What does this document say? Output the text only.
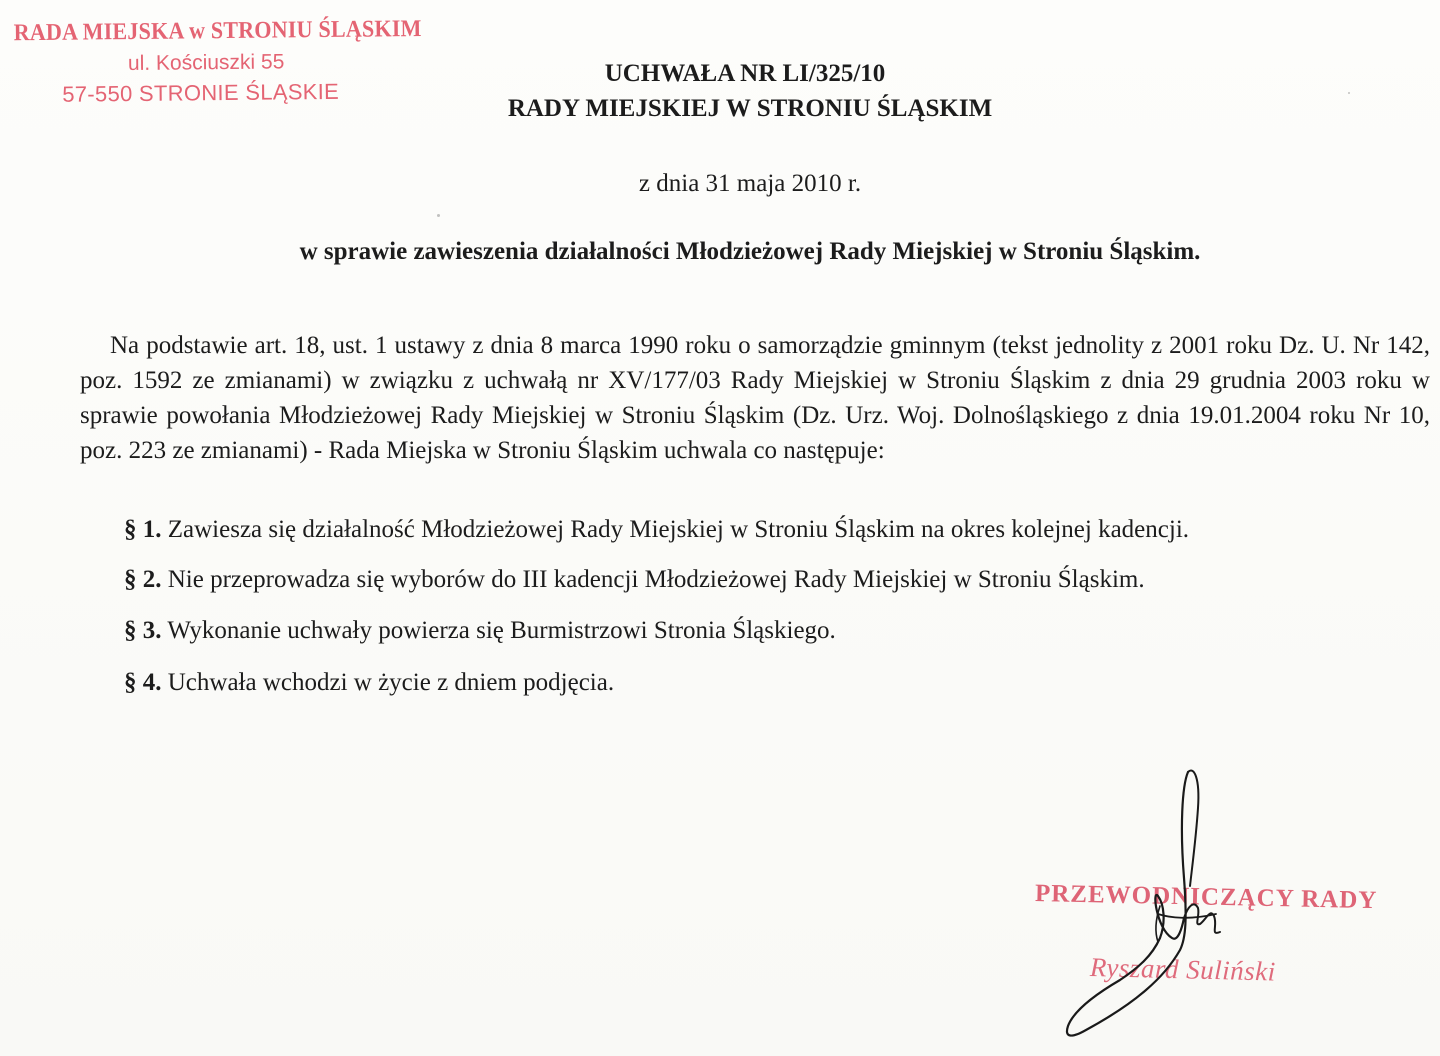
RADA MIEJSKA w STRONIU ŚLĄSKIM
ul. Kościuszki 55
57-550 STRONIE ŚLĄSKIE
UCHWAŁA NR LI/325/10
RADY MIEJSKIEJ W STRONIU ŚLĄSKIM
z dnia 31 maja 2010 r.
w sprawie zawieszenia działalności Młodzieżowej Rady Miejskiej w Stroniu Śląskim.
Na podstawie art. 18, ust. 1 ustawy z dnia 8 marca 1990 roku o samorządzie gminnym (tekst jednolity z 2001 roku Dz. U. Nr 142, poz. 1592 ze zmianami) w związku z uchwałą nr XV/177/03 Rady Miejskiej w Stroniu Śląskim z dnia 29 grudnia 2003 roku w sprawie powołania Młodzieżowej Rady Miejskiej w Stroniu Śląskim (Dz. Urz. Woj. Dolnośląskiego z dnia 19.01.2004 roku Nr 10, poz. 223 ze zmianami) - Rada Miejska w Stroniu Śląskim uchwala co następuje:
§ 1. Zawiesza się działalność Młodzieżowej Rady Miejskiej w Stroniu Śląskim na okres kolejnej kadencji.
§ 2. Nie przeprowadza się wyborów do III kadencji Młodzieżowej Rady Miejskiej w Stroniu Śląskim.
§ 3. Wykonanie uchwały powierza się Burmistrzowi Stronia Śląskiego.
§ 4. Uchwała wchodzi w życie z dniem podjęcia.
PRZEWODNICZĄCY RADY
Ryszard Suliński
